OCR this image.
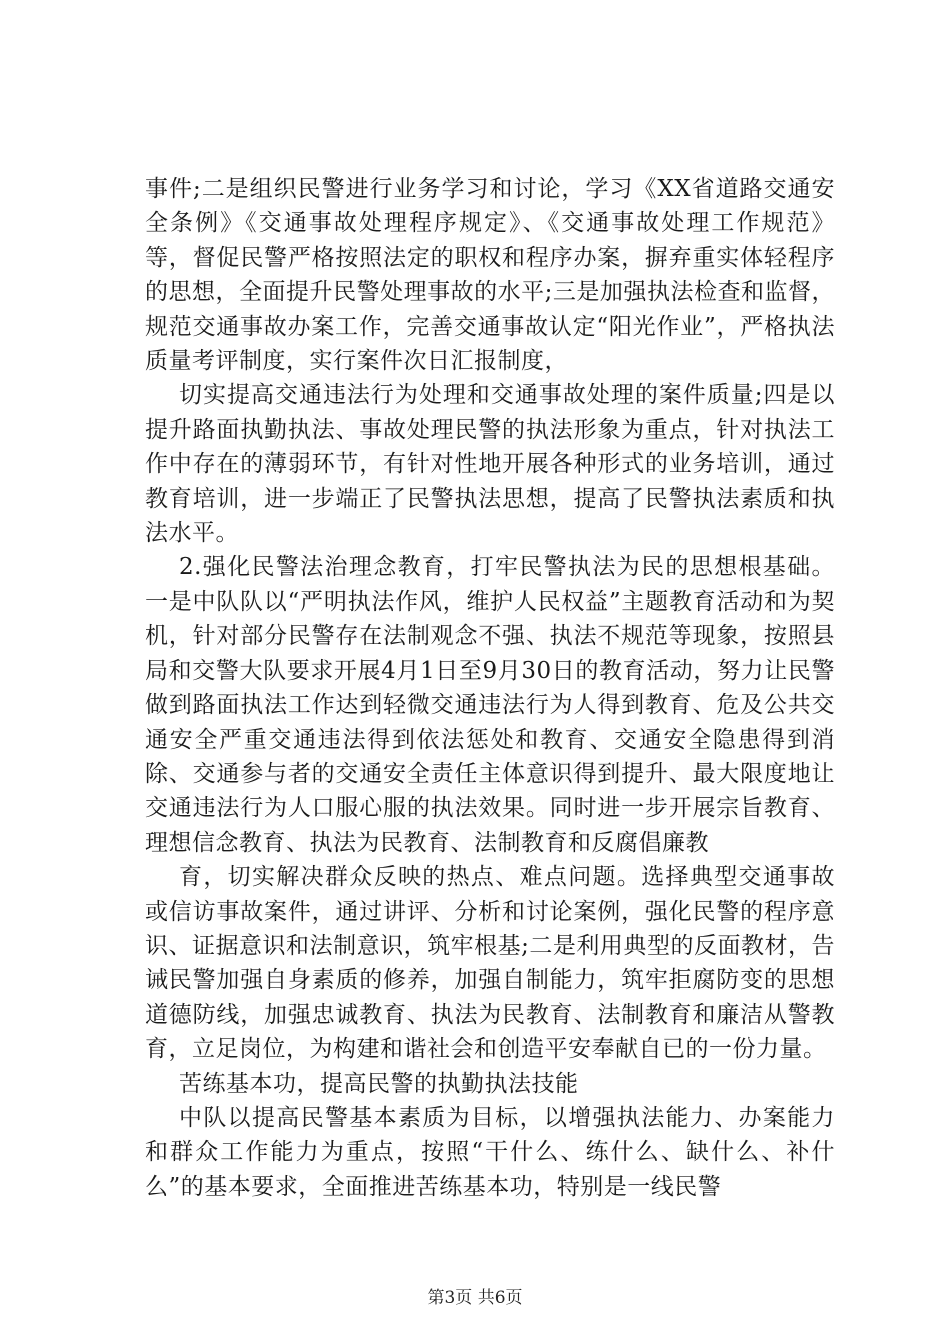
事件;二是组织民警进行业务学习和讨论，学习《XX省道路交通安全条例》《交通事故处理程序规定》、《交通事故处理工作规范》等，督促民警严格按照法定的职权和程序办案，摒弃重实体轻程序的思想，全面提升民警处理事故的水平;三是加强执法检查和监督，规范交通事故办案工作，完善交通事故认定“阳光作业”，严格执法质量考评制度，实行案件次日汇报制度，

切实提高交通违法行为处理和交通事故处理的案件质量;四是以提升路面执勤执法、事故处理民警的执法形象为重点，针对执法工作中存在的薄弱环节，有针对性地开展各种形式的业务培训，通过教育培训，进一步端正了民警执法思想，提高了民警执法素质和执法水平。

2.强化民警法治理念教育，打牢民警执法为民的思想根基础。一是中队队以“严明执法作风，维护人民权益”主题教育活动和为契机，针对部分民警存在法制观念不强、执法不规范等现象，按照县局和交警大队要求开展4月1日至9月30日的教育活动，努力让民警做到路面执法工作达到轻微交通违法行为人得到教育、危及公共交通安全严重交通违法得到依法惩处和教育、交通安全隐患得到消除、交通参与者的交通安全责任主体意识得到提升、最大限度地让交通违法行为人口服心服的执法效果。同时进一步开展宗旨教育、理想信念教育、执法为民教育、法制教育和反腐倡廉教

育，切实解决群众反映的热点、难点问题。选择典型交通事故或信访事故案件，通过讲评、分析和讨论案例，强化民警的程序意识、证据意识和法制意识，筑牢根基;二是利用典型的反面教材，告诫民警加强自身素质的修养，加强自制能力，筑牢拒腐防变的思想道德防线，加强忠诚教育、执法为民教育、法制教育和廉洁从警教育，立足岗位，为构建和谐社会和创造平安奉献自已的一份力量。

苦练基本功，提高民警的执勤执法技能

中队以提高民警基本素质为目标，以增强执法能力、办案能力和群众工作能力为重点，按照“干什么、练什么、缺什么、补什么”的基本要求，全面推进苦练基本功，特别是一线民警

第3页 共6页
